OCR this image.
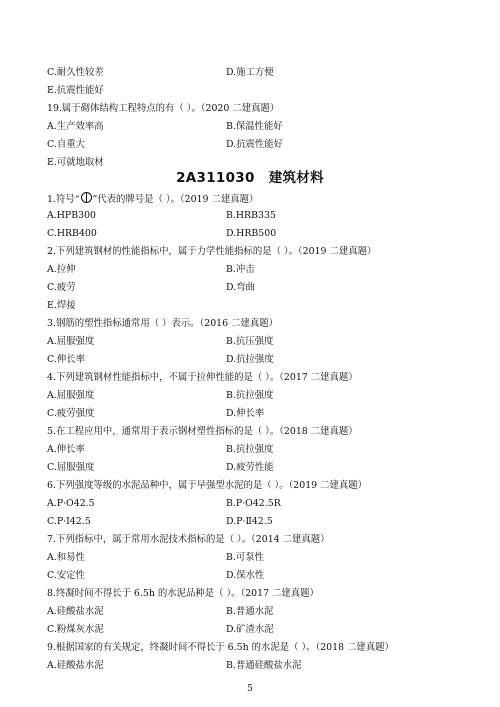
C.耐久性较差	D.施工方便
E.抗震性能好
19.属于砌体结构工程特点的有（ ）。（2020 二建真题）
A.生产效率高	B.保温性能好
C.自重大	D.抗震性能好
E.可就地取材
2A311030 建筑材料
1.符号“ ”代表的牌号是（ ）。（2019 二建真题）
A.HPB300	B.HRB335
C.HRB400	D.HRB500
2.下列建筑钢材的性能指标中，属于力学性能指标的是（ ）。（2019 二建真题）
A.拉伸	B.冲击
C.疲劳	D.弯曲
E.焊接
3.钢筋的塑性指标通常用（ ）表示。（2016 二建真题）
A.屈服强度	B.抗压强度
C.伸长率	D.抗拉强度
4.下列建筑钢材性能指标中，不属于拉伸性能的是（ ）。（2017 二建真题）
A.屈服强度	B.抗拉强度
C.疲劳强度	D.伸长率
5.在工程应用中，通常用于表示钢材塑性指标的是（ ）。（2018 二建真题）
A.伸长率	B.抗拉强度
C.屈服强度	D.疲劳性能
6.下列强度等级的水泥品种中，属于早强型水泥的是（ ）。（2019 二建真题）
A.P·O42.5	B.P·O42.5R
C.P·I42.5	D.P·Ⅱ42.5
7.下列指标中，属于常用水泥技术指标的是（ ）。（2014 二建真题）
A.和易性	B.可泵性
C.安定性	D.保水性
8.终凝时间不得长于 6.5h 的水泥品种是（ ）。（2017 二建真题）
A.硅酸盐水泥	B.普通水泥
C.粉煤灰水泥	D.矿渣水泥
9.根据国家的有关规定，终凝时间不得长于 6.5h 的水泥是（ ）。（2018 二建真题）
A.硅酸盐水泥	B.普通硅酸盐水泥
5
